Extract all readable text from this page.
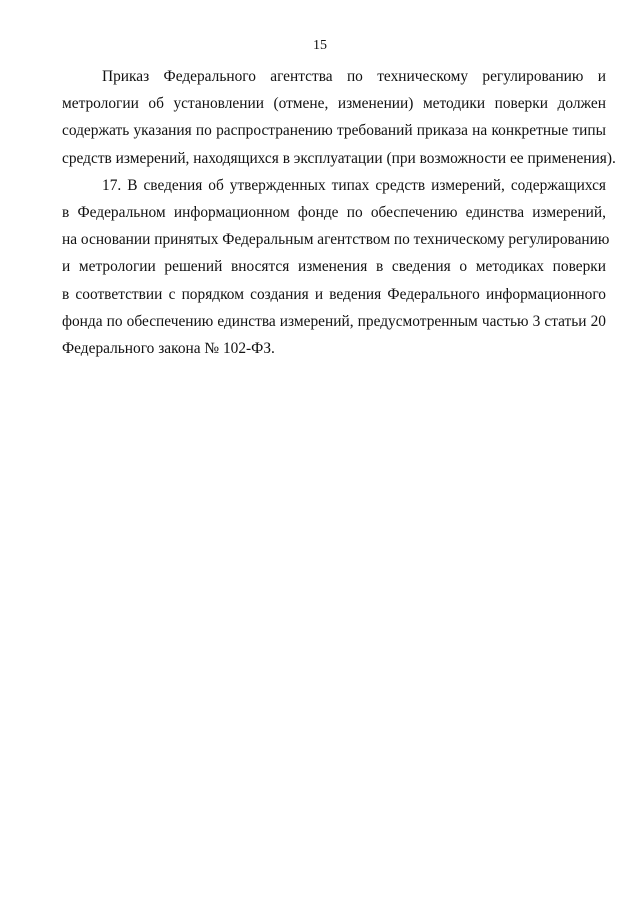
15
Приказ Федерального агентства по техническому регулированию и
метрологии об установлении (отмене, изменении) методики поверки должен
содержать указания по распространению требований приказа на конкретные типы
средств измерений, находящихся в эксплуатации (при возможности ее применения).
17. В сведения об утвержденных типах средств измерений, содержащихся
в Федеральном информационном фонде по обеспечению единства измерений,
на основании принятых Федеральным агентством по техническому регулированию
и метрологии решений вносятся изменения в сведения о методиках поверки
в соответствии с порядком создания и ведения Федерального информационного
фонда по обеспечению единства измерений, предусмотренным частью 3 статьи 20
Федерального закона № 102-ФЗ.
